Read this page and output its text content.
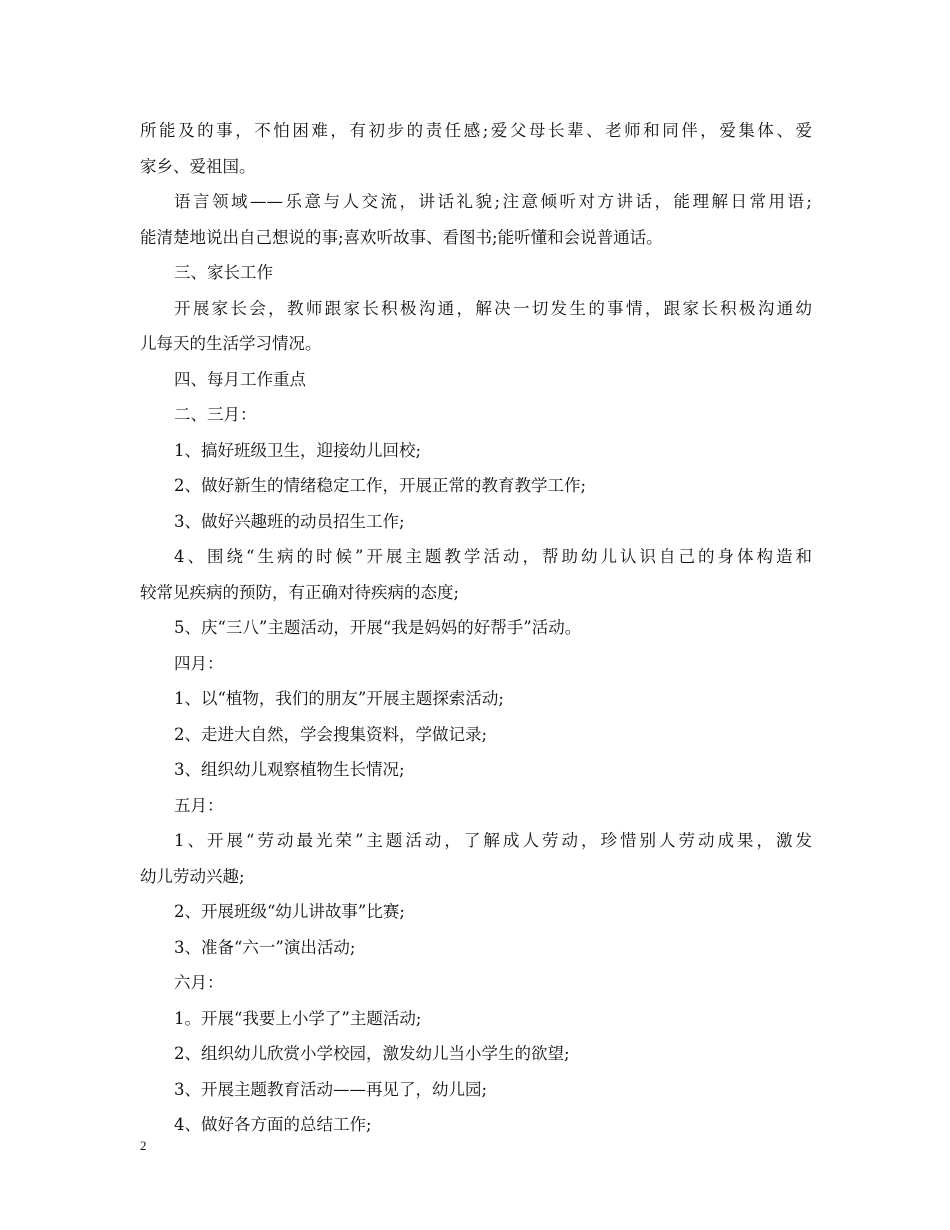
所能及的事，不怕困难，有初步的责任感;爱父母长辈、老师和同伴，爱集体、爱
家乡、爱祖国。
语言领域——乐意与人交流，讲话礼貌;注意倾听对方讲话，能理解日常用语;
能清楚地说出自己想说的事;喜欢听故事、看图书;能听懂和会说普通话。
三、家长工作
开展家长会，教师跟家长积极沟通，解决一切发生的事情，跟家长积极沟通幼
儿每天的生活学习情况。
四、每月工作重点
二、三月：
1、搞好班级卫生，迎接幼儿回校;
2、做好新生的情绪稳定工作，开展正常的教育教学工作;
3、做好兴趣班的动员招生工作;
4、围绕“生病的时候”开展主题教学活动，帮助幼儿认识自己的身体构造和
较常见疾病的预防，有正确对待疾病的态度;
5、庆“三八”主题活动，开展“我是妈妈的好帮手”活动。
四月：
1、以“植物，我们的朋友”开展主题探索活动;
2、走进大自然，学会搜集资料，学做记录;
3、组织幼儿观察植物生长情况;
五月：
1、开展“劳动最光荣”主题活动，了解成人劳动，珍惜别人劳动成果，激发
幼儿劳动兴趣;
2、开展班级“幼儿讲故事”比赛;
3、准备“六一”演出活动;
六月：
1。开展“我要上小学了”主题活动;
2、组织幼儿欣赏小学校园，激发幼儿当小学生的欲望;
3、开展主题教育活动——再见了，幼儿园;
4、做好各方面的总结工作;
2
